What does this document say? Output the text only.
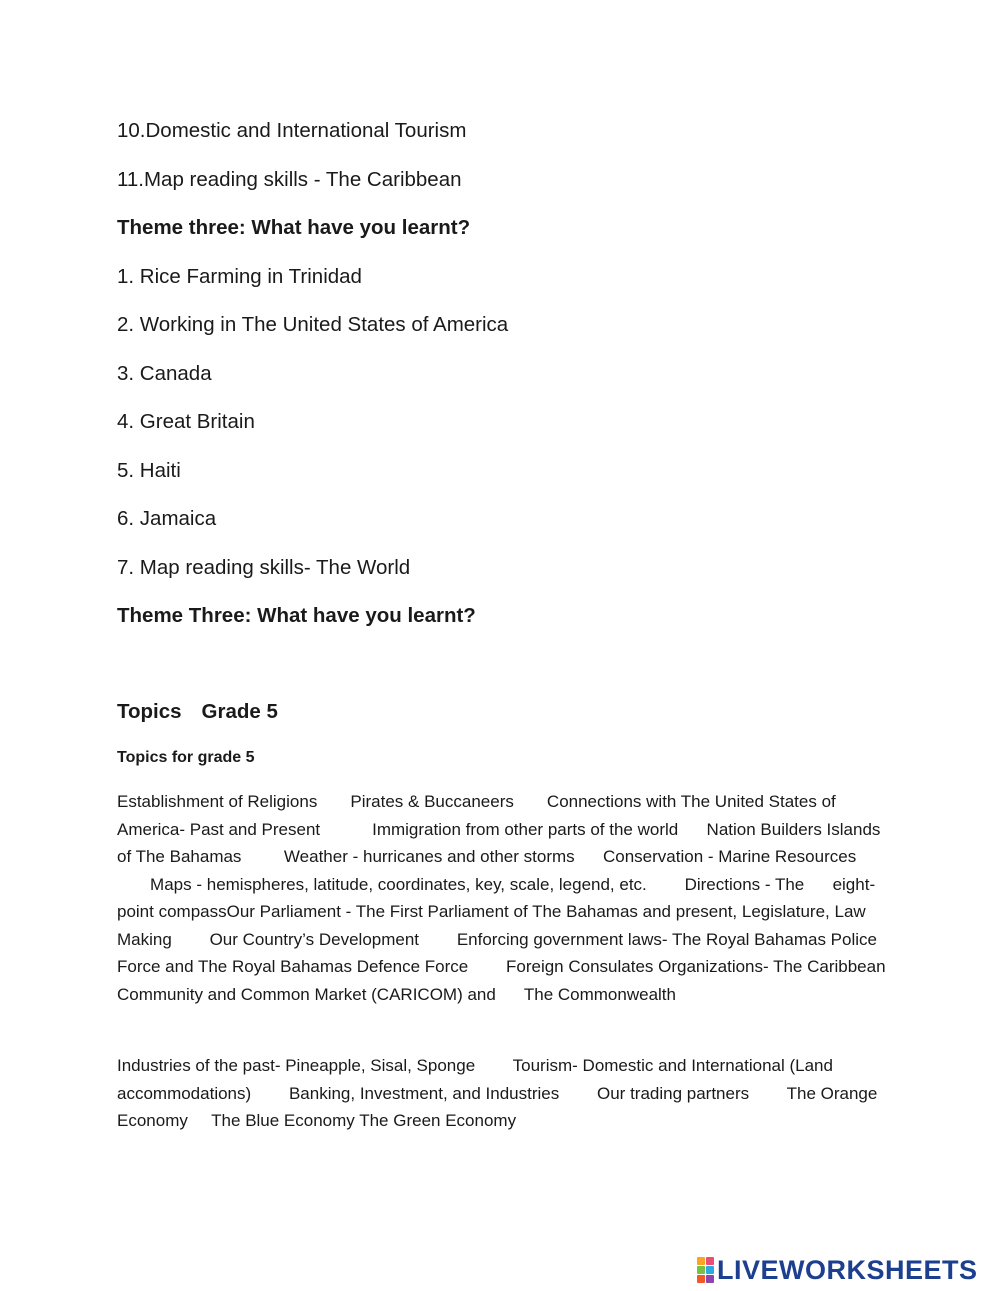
10.Domestic and International Tourism
11.Map reading skills - The Caribbean
Theme three: What have you learnt?
1. Rice Farming in Trinidad
2. Working in The United States of America
3. Canada
4. Great Britain
5. Haiti
6. Jamaica
7. Map reading skills- The World
Theme Three: What have you learnt?
Topics Grade 5
Topics for grade 5
Establishment of Religions       Pirates & Buccaneers       Connections with The United States of America- Past and Present           Immigration from other parts of the world      Nation Builders Islands of The Bahamas         Weather - hurricanes and other storms      Conservation - Marine Resources        Maps - hemispheres, latitude, coordinates, key, scale, legend, etc.        Directions - The      eight-point compassOur Parliament - The First Parliament of The Bahamas and present, Legislature, Law Making        Our Country’s Development        Enforcing government laws- The Royal Bahamas Police Force and The Royal Bahamas Defence Force        Foreign Consulates Organizations- The Caribbean Community and Common Market (CARICOM) and      The Commonwealth
Industries of the past- Pineapple, Sisal, Sponge        Tourism- Domestic and International (Land accommodations)        Banking, Investment, and Industries        Our trading partners        The Orange Economy     The Blue Economy The Green Economy
LIVEWORKSHEETS
